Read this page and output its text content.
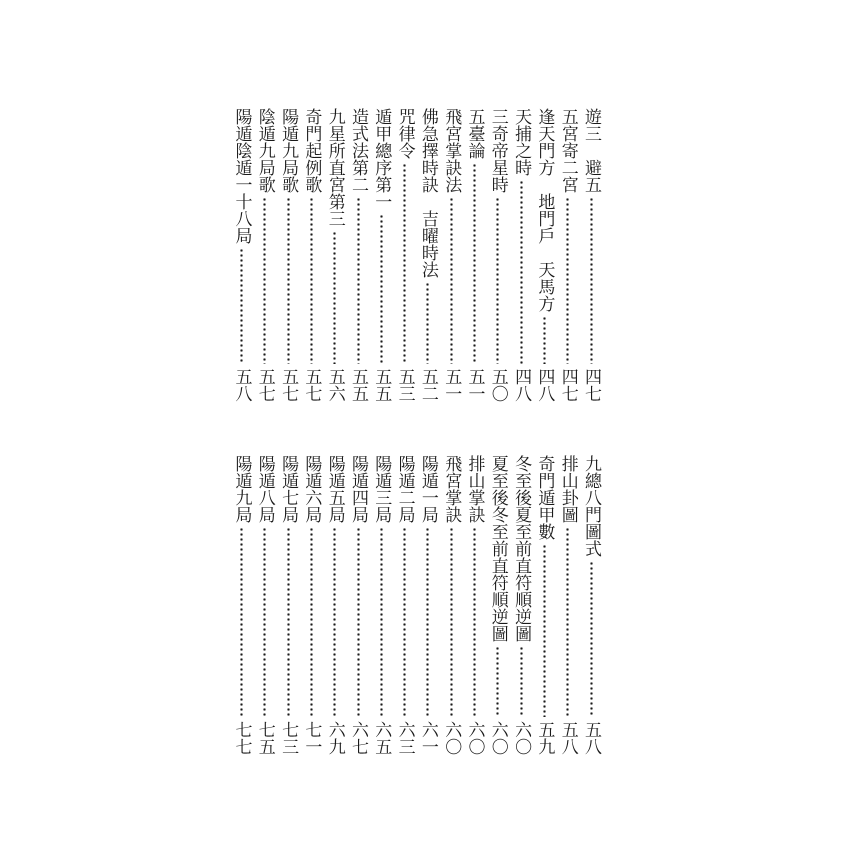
遊三　避五
四七
五宮寄二宮
四七
逢天門方　地門戶　天馬方
四八
天捕之時
四八
三奇帝星時
五〇
五臺論
五一
飛宮掌訣法
五一
佛急擇時訣　吉曜時法
五二
咒律令
五三
遁甲總序第一
五五
造式法第二
五五
九星所直宮第三
五六
奇門起例歌
五七
陽遁九局歌
五七
陰遁九局歌
五七
陽遁陰遁一十八局
五八
九總八門圖式
五八
排山卦圖
五八
奇門遁甲數
五九
冬至後夏至前直符順逆圖
六〇
夏至後冬至前直符順逆圖
六〇
排山掌訣
六〇
飛宮掌訣
六〇
陽遁一局
六一
陽遁二局
六三
陽遁三局
六五
陽遁四局
六七
陽遁五局
六九
陽遁六局
七一
陽遁七局
七三
陽遁八局
七五
陽遁九局
七七
